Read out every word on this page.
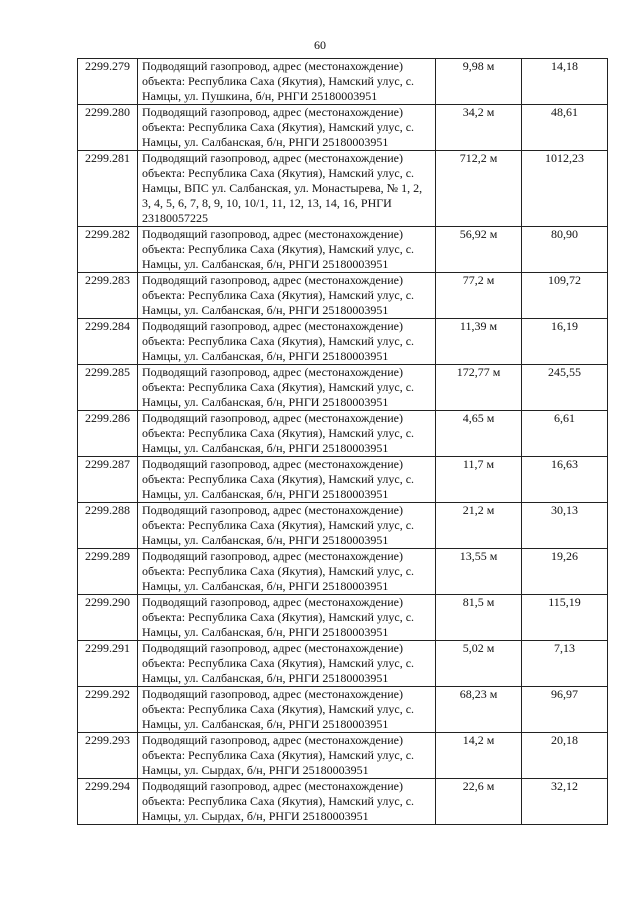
60
2299.279	Подводящий газопровод, адрес (местонахождение) объекта: Республика Саха (Якутия), Намский улус, с. Намцы, ул. Пушкина, б/н, РНГИ 25180003951	9,98 м	14,18
2299.280	Подводящий газопровод, адрес (местонахождение) объекта: Республика Саха (Якутия), Намский улус, с. Намцы, ул. Салбанская, б/н, РНГИ 25180003951	34,2 м	48,61
2299.281	Подводящий газопровод, адрес (местонахождение) объекта: Республика Саха (Якутия), Намский улус, с. Намцы, ВПС ул. Салбанская, ул. Монастырева, № 1, 2, 3, 4, 5, 6, 7, 8, 9, 10, 10/1, 11, 12, 13, 14, 16, РНГИ 23180057225	712,2 м	1012,23
2299.282	Подводящий газопровод, адрес (местонахождение) объекта: Республика Саха (Якутия), Намский улус, с. Намцы, ул. Салбанская, б/н, РНГИ 25180003951	56,92 м	80,90
2299.283	Подводящий газопровод, адрес (местонахождение) объекта: Республика Саха (Якутия), Намский улус, с. Намцы, ул. Салбанская, б/н, РНГИ 25180003951	77,2 м	109,72
2299.284	Подводящий газопровод, адрес (местонахождение) объекта: Республика Саха (Якутия), Намский улус, с. Намцы, ул. Салбанская, б/н, РНГИ 25180003951	11,39 м	16,19
2299.285	Подводящий газопровод, адрес (местонахождение) объекта: Республика Саха (Якутия), Намский улус, с. Намцы, ул. Салбанская, б/н, РНГИ 25180003951	172,77 м	245,55
2299.286	Подводящий газопровод, адрес (местонахождение) объекта: Республика Саха (Якутия), Намский улус, с. Намцы, ул. Салбанская, б/н, РНГИ 25180003951	4,65 м	6,61
2299.287	Подводящий газопровод, адрес (местонахождение) объекта: Республика Саха (Якутия), Намский улус, с. Намцы, ул. Салбанская, б/н, РНГИ 25180003951	11,7 м	16,63
2299.288	Подводящий газопровод, адрес (местонахождение) объекта: Республика Саха (Якутия), Намский улус, с. Намцы, ул. Салбанская, б/н, РНГИ 25180003951	21,2 м	30,13
2299.289	Подводящий газопровод, адрес (местонахождение) объекта: Республика Саха (Якутия), Намский улус, с. Намцы, ул. Салбанская, б/н, РНГИ 25180003951	13,55 м	19,26
2299.290	Подводящий газопровод, адрес (местонахождение) объекта: Республика Саха (Якутия), Намский улус, с. Намцы, ул. Салбанская, б/н, РНГИ 25180003951	81,5 м	115,19
2299.291	Подводящий газопровод, адрес (местонахождение) объекта: Республика Саха (Якутия), Намский улус, с. Намцы, ул. Салбанская, б/н, РНГИ 25180003951	5,02 м	7,13
2299.292	Подводящий газопровод, адрес (местонахождение) объекта: Республика Саха (Якутия), Намский улус, с. Намцы, ул. Салбанская, б/н, РНГИ 25180003951	68,23 м	96,97
2299.293	Подводящий газопровод, адрес (местонахождение) объекта: Республика Саха (Якутия), Намский улус, с. Намцы, ул. Сырдах, б/н, РНГИ 25180003951	14,2 м	20,18
2299.294	Подводящий газопровод, адрес (местонахождение) объекта: Республика Саха (Якутия), Намский улус, с. Намцы, ул. Сырдах, б/н, РНГИ 25180003951	22,6 м	32,12
